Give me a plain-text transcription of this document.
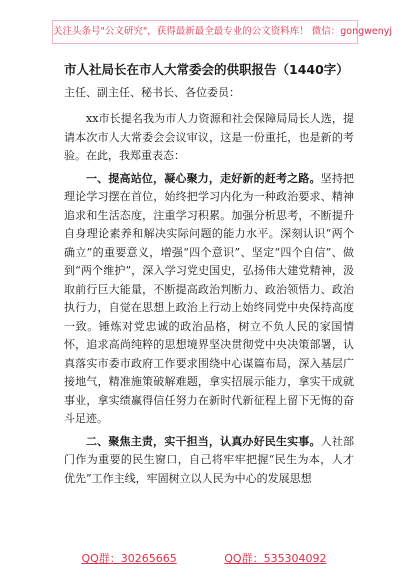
关注头条号"公文研究"，获得最新最全最专业的公文资料库！ 微信：gongwenyj
市人社局长在市人大常委会的供职报告（1440字）
主任、副主任、秘书长、各位委员：

xx市长提名我为市人力资源和社会保障局局长人选，提请本次市人大常委会会议审议，这是一份重托，也是新的考验。在此，我郑重表态：

一、提高站位，凝心聚力，走好新的赶考之路。坚持把理论学习摆在首位，始终把学习内化为一种政治要求、精神追求和生活态度，注重学习积累。加强分析思考，不断提升自身理论素养和解决实际问题的能力水平。深刻认识“两个确立”的重要意义，增强“四个意识”、坚定“四个自信”、做到“两个维护”，深入学习党史国史，弘扬伟大建党精神，汲取前行巨大能量，不断提高政治判断力、政治领悟力、政治执行力，自觉在思想上政治上行动上始终同党中央保持高度一致。锤炼对党忠诚的政治品格，树立不负人民的家国情怀，追求高尚纯粹的思想境界坚决贯彻党中央决策部署，认真落实市委市政府工作要求围绕中心谋篇布局，深入基层广接地气，精准施策破解难题，拿实招展示能力，拿实干成就事业，拿实绩赢得信任努力在新时代新征程上留下无悔的奋斗足迹。

二、聚焦主责，实干担当，认真办好民生实事。人社部门作为重要的民生窗口，自己将牢牢把握“民生为本，人才优先”工作主线，牢固树立以人民为中心的发展思想

QQ群：30265665	QQ群：535304092
